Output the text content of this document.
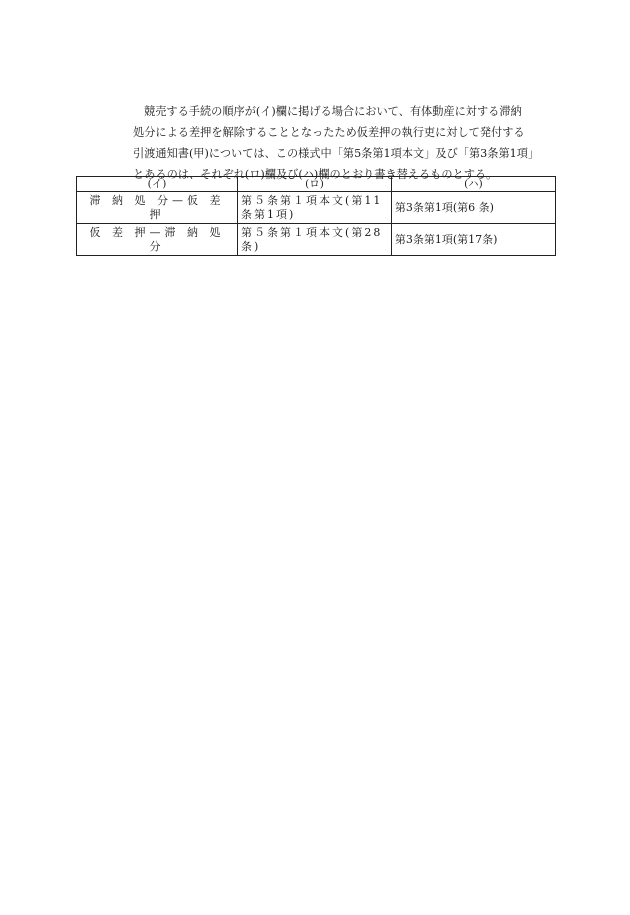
競売する手続の順序が(イ)欄に掲げる場合において、有体動産に対する滞納
処分による差押を解除することとなったため仮差押の執行吏に対して発付する
引渡通知書(甲)については、この様式中「第5条第1項本文」及び「第3条第1項」
とあるのは、それぞれ(ロ)欄及び(ハ)欄のとおり書き替えるものとする。
(イ)	(ロ)	(ハ)
滞 納 処 分—仮 差 押	第５条第１項本文(第11条第1項)	第3条第1項(第6 条)
仮 差 押—滞 納 処 分	第５条第１項本文(第28条)	第3条第1項(第17条)
